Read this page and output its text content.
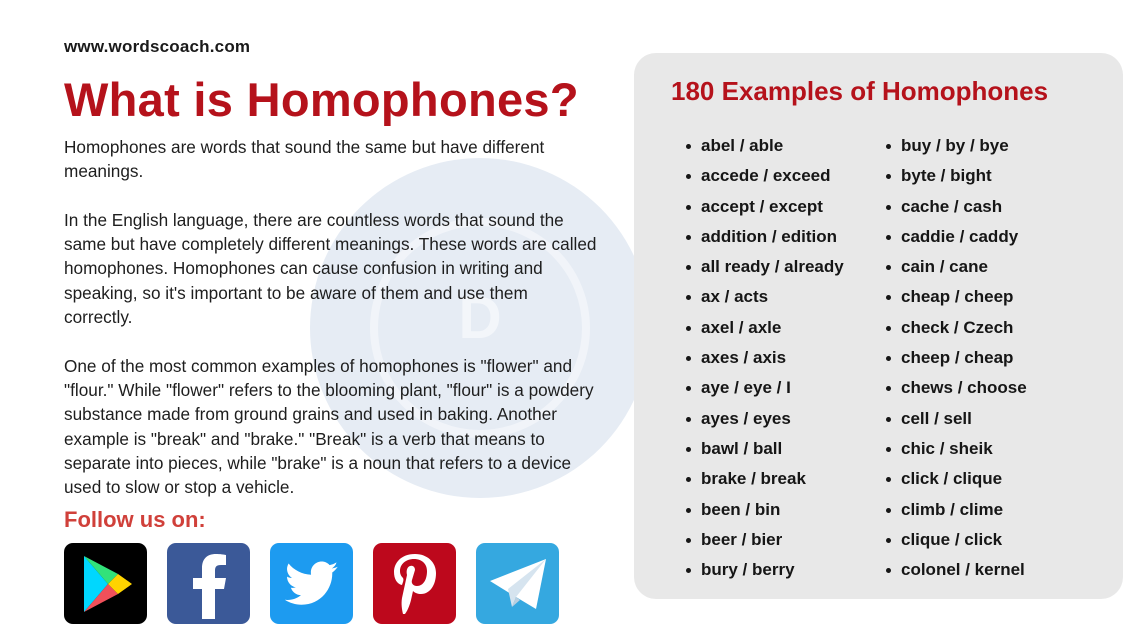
D
www.wordscoach.com
What is Homophones?

Homophones are words that sound the same but have different meanings.

In the English language, there are countless words that sound the same but have completely different meanings. These words are called homophones. Homophones can cause confusion in writing and speaking, so it's important to be aware of them and use them correctly.

One of the most common examples of homophones is "flower" and "flour." While "flower" refers to the blooming plant, "flour" is a powdery substance made from ground grains and used in baking. Another example is "break" and "brake." "Break" is a verb that means to separate into pieces, while "brake" is a noun that refers to a device used to slow or stop a vehicle.

Follow us on:
180 Examples of Homophones
abel / able
accede / exceed
accept / except
addition / edition
all ready / already
ax / acts
axel / axle
axes / axis
aye / eye / I
ayes / eyes
bawl / ball
brake / break
been / bin
beer / bier
bury / berry
buy / by / bye
byte / bight
cache / cash
caddie / caddy
cain / cane
cheap / cheep
check / Czech
cheep / cheap
chews / choose
cell / sell
chic / sheik
click / clique
climb / clime
clique / click
colonel / kernel
